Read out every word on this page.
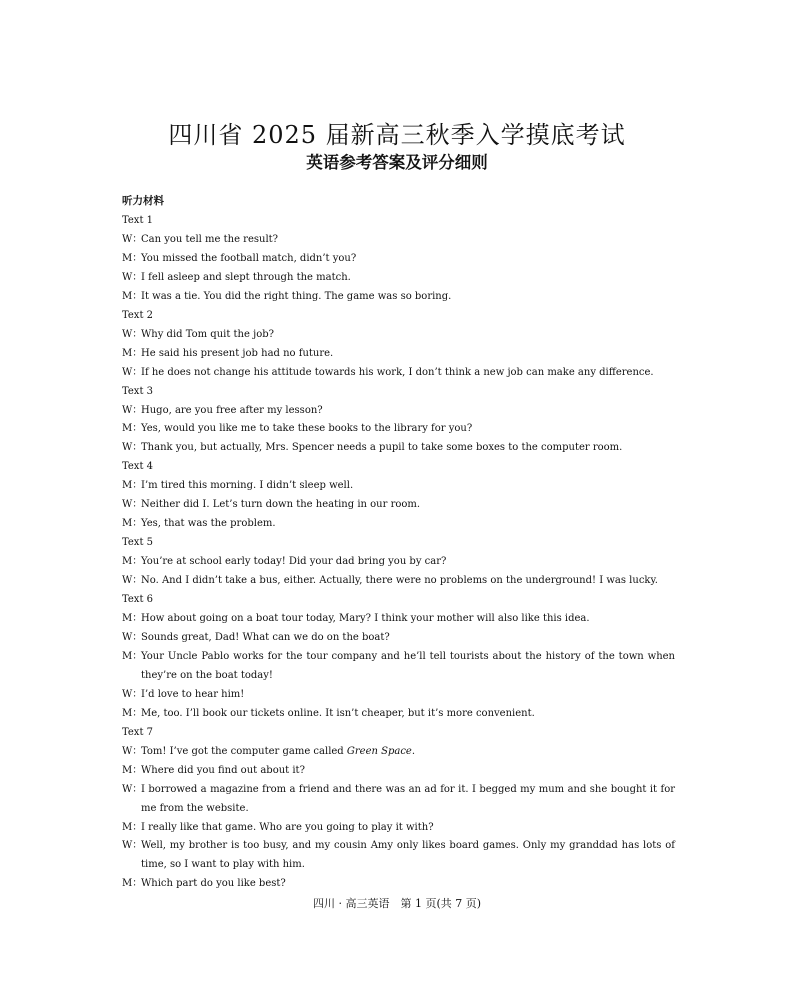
四川省 2025 届新高三秋季入学摸底考试
英语参考答案及评分细则
听力材料
Text 1
W ： Can you tell me the result?
M ： You missed the football match, didn’t you?
W ： I fell asleep and slept through the match.
M ： It was a tie. You did the right thing. The game was so boring.
Text 2
W ： Why did Tom quit the job?
M ： He said his present job had no future.
W ： If he does not change his attitude towards his work, I don’t think a new job can make any difference.
Text 3
W ： Hugo, are you free after my lesson?
M ： Yes, would you like me to take these books to the library for you?
W ： Thank you, but actually, Mrs. Spencer needs a pupil to take some boxes to the computer room.
Text 4
M ： I’m tired this morning. I didn’t sleep well.
W ： Neither did I. Let’s turn down the heating in our room.
M ： Yes, that was the problem.
Text 5
M ： You’re at school early today! Did your dad bring you by car?
W ： No. And I didn’t take a bus, either. Actually, there were no problems on the underground! I was lucky.
Text 6
M ： How about going on a boat tour today, Mary? I think your mother will also like this idea.
W ： Sounds great, Dad! What can we do on the boat?
M ： Your Uncle Pablo works for the tour company and he’ll tell tourists about the history of the town when they’re on the boat today!
W ： I’d love to hear him!
M ： Me, too. I’ll book our tickets online. It isn’t cheaper, but it’s more convenient.
Text 7
W ： Tom! I’ve got the computer game called Green Space.
M ： Where did you find out about it?
W ： I borrowed a magazine from a friend and there was an ad for it. I begged my mum and she bought it for me from the website.
M ： I really like that game. Who are you going to play it with?
W ： Well, my brother is too busy, and my cousin Amy only likes board games. Only my granddad has lots of time, so I want to play with him.
M ： Which part do you like best?
四川 · 高三英语　第 1 页(共 7 页)
